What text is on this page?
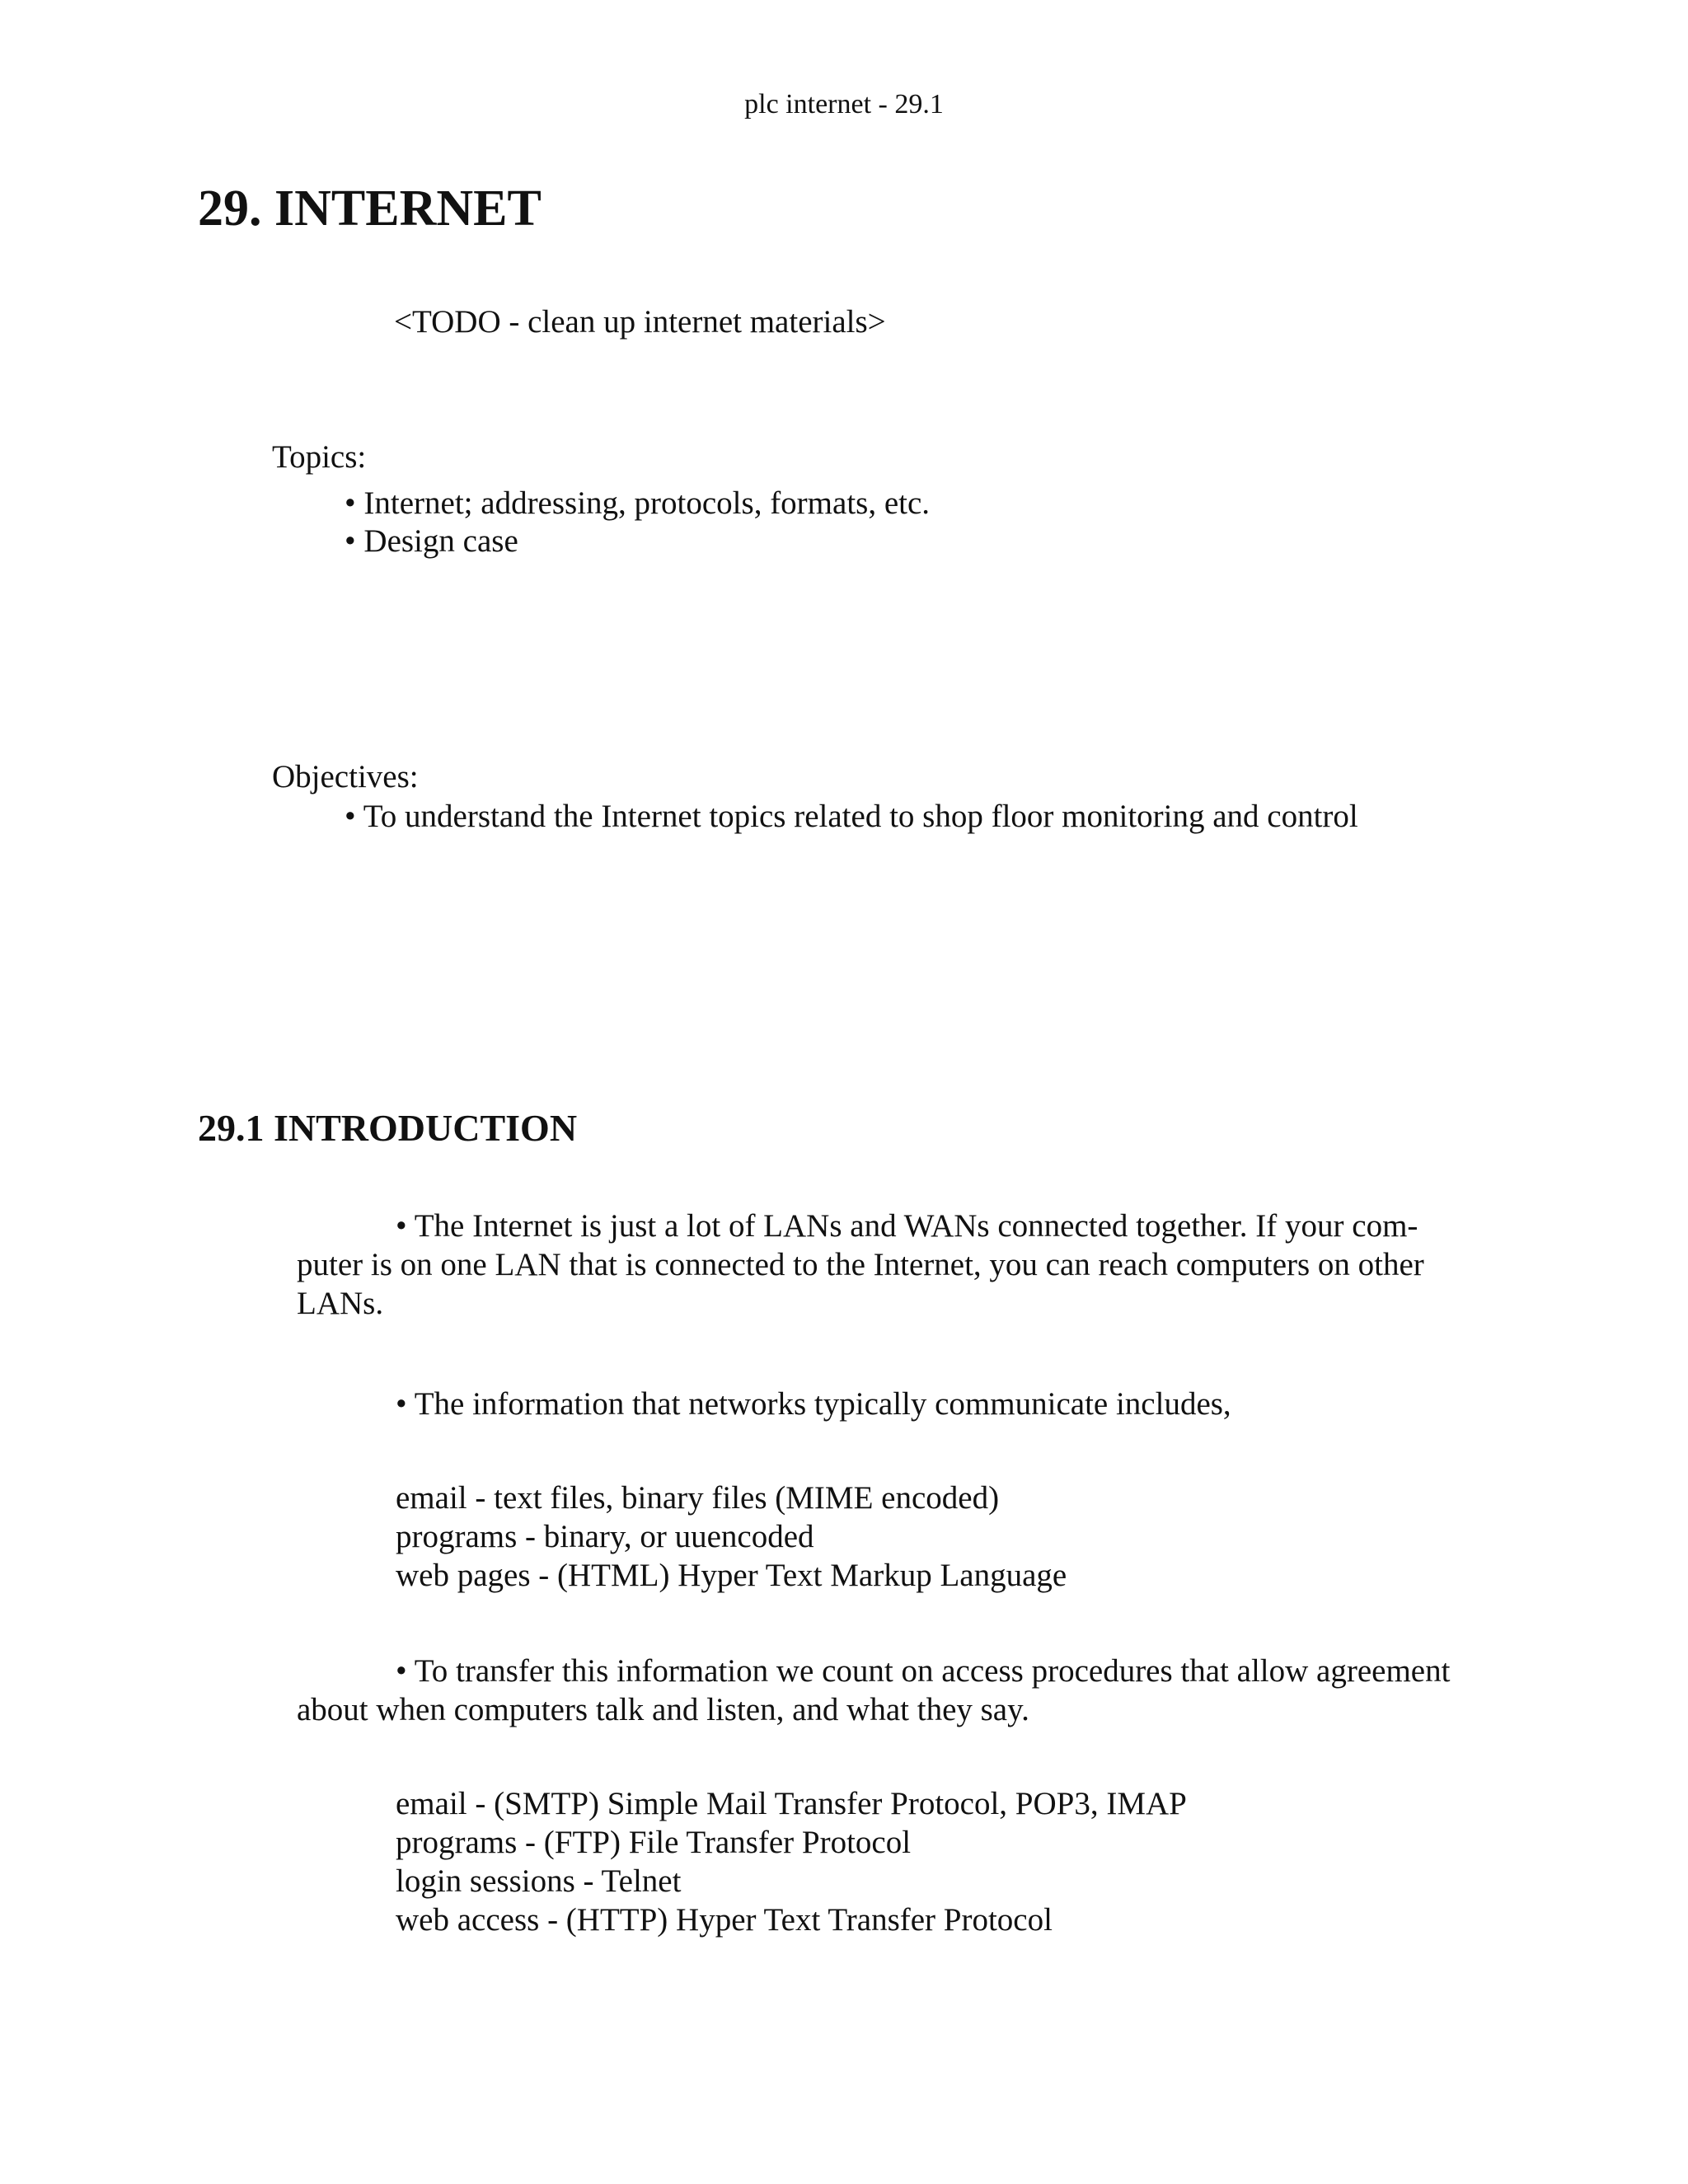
plc internet - 29.1
29. INTERNET
<TODO - clean up internet materials>
Topics:
• Internet; addressing, protocols, formats, etc.
• Design case
Objectives:
• To understand the Internet topics related to shop floor monitoring and control
29.1 INTRODUCTION
• The Internet is just a lot of LANs and WANs connected together. If your com-puter is on one LAN that is connected to the Internet, you can reach computers on other LANs.
• The information that networks typically communicate includes,
email - text files, binary files (MIME encoded)
programs - binary, or uuencoded
web pages - (HTML) Hyper Text Markup Language
• To transfer this information we count on access procedures that allow agreement about when computers talk and listen, and what they say.
email - (SMTP) Simple Mail Transfer Protocol, POP3, IMAP
programs - (FTP) File Transfer Protocol
login sessions - Telnet
web access - (HTTP) Hyper Text Transfer Protocol
